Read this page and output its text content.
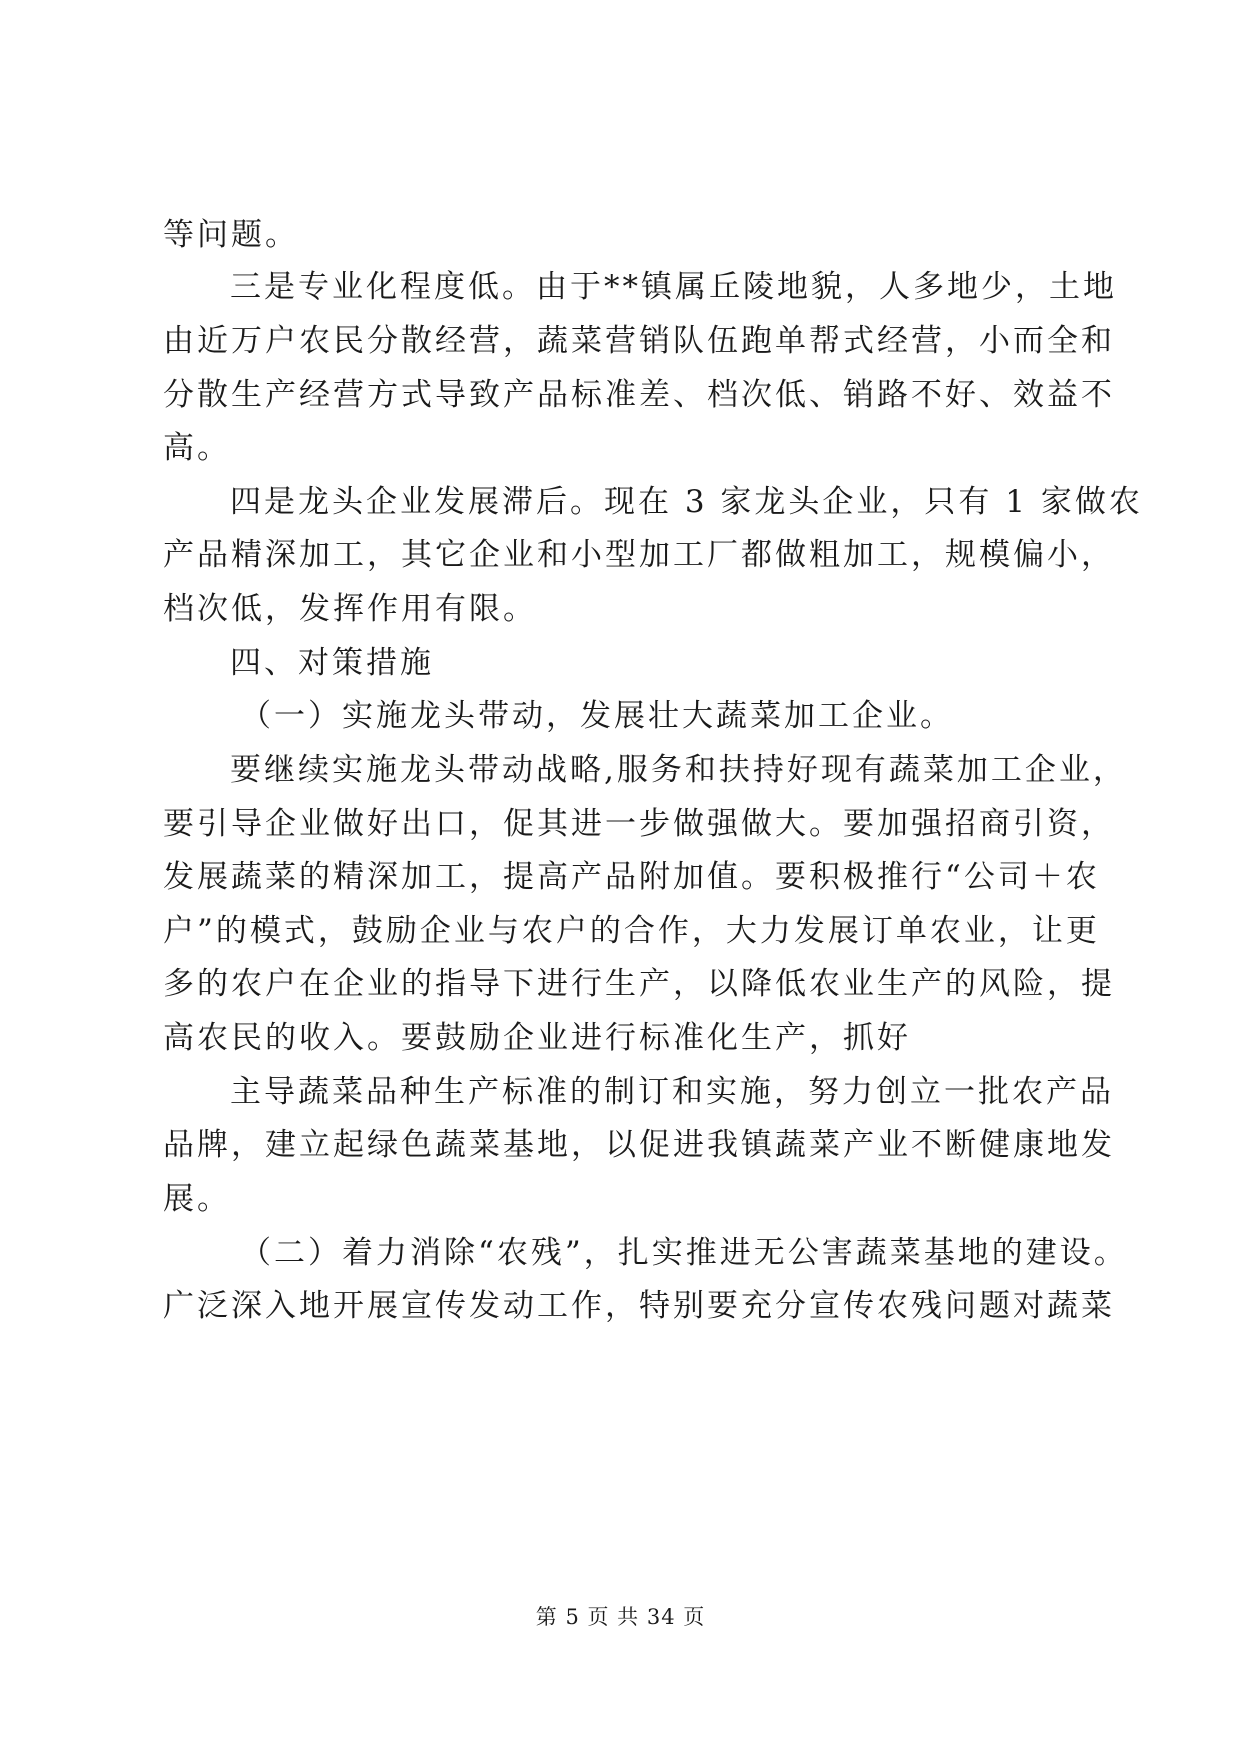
等问题。
三是专业化程度低。由于**镇属丘陵地貌，人多地少，土地
由近万户农民分散经营，蔬菜营销队伍跑单帮式经营，小而全和
分散生产经营方式导致产品标准差、档次低、销路不好、效益不
高。
四是龙头企业发展滞后。现在 3 家龙头企业，只有 1 家做农
产品精深加工，其它企业和小型加工厂都做粗加工，规模偏小，
档次低，发挥作用有限。
四、对策措施
（一）实施龙头带动，发展壮大蔬菜加工企业。
要继续实施龙头带动战略,服务和扶持好现有蔬菜加工企业，
要引导企业做好出口，促其进一步做强做大。要加强招商引资，
发展蔬菜的精深加工，提高产品附加值。要积极推行“公司＋农
户”的模式，鼓励企业与农户的合作，大力发展订单农业，让更
多的农户在企业的指导下进行生产，以降低农业生产的风险，提
高农民的收入。要鼓励企业进行标准化生产，抓好
主导蔬菜品种生产标准的制订和实施，努力创立一批农产品
品牌，建立起绿色蔬菜基地，以促进我镇蔬菜产业不断健康地发
展。
（二）着力消除“农残”，扎实推进无公害蔬菜基地的建设。
广泛深入地开展宣传发动工作，特别要充分宣传农残问题对蔬菜
第 5 页 共 34 页
